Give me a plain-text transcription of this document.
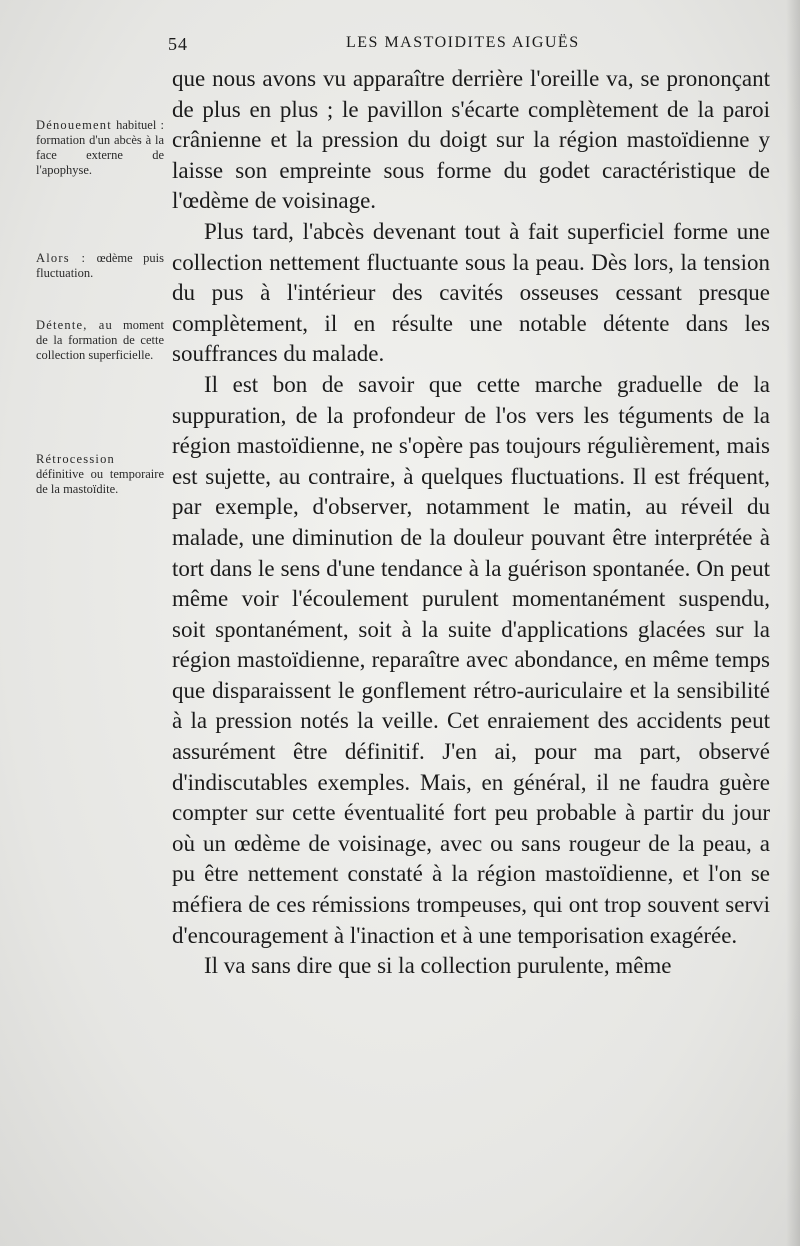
54	LES MASTOIDITES AIGUËS
Dénouement habituel : formation d'un abcès à la face externe de l'apophyse.
Alors : œdème puis fluctuation.
Détente, au moment de la formation de cette collection superficielle.
Rétrocession définitive ou temporaire de la mastoïdite.

que nous avons vu apparaître derrière l'oreille va, se prononçant de plus en plus ; le pavillon s'écarte complètement de la paroi crânienne et la pression du doigt sur la région mastoïdienne y laisse son empreinte sous forme du godet caractéristique de l'œdème de voisinage.

Plus tard, l'abcès devenant tout à fait superficiel forme une collection nettement fluctuante sous la peau. Dès lors, la tension du pus à l'intérieur des cavités osseuses cessant presque complètement, il en résulte une notable détente dans les souffrances du malade.

Il est bon de savoir que cette marche graduelle de la suppuration, de la profondeur de l'os vers les téguments de la région mastoïdienne, ne s'opère pas toujours régulièrement, mais est sujette, au contraire, à quelques fluctuations. Il est fréquent, par exemple, d'observer, notamment le matin, au réveil du malade, une diminution de la douleur pouvant être interprétée à tort dans le sens d'une tendance à la guérison spontanée. On peut même voir l'écoulement purulent momentanément suspendu, soit spontanément, soit à la suite d'applications glacées sur la région mastoïdienne, reparaître avec abondance, en même temps que disparaissent le gonflement rétro-auriculaire et la sensibilité à la pression notés la veille. Cet enraiement des accidents peut assurément être définitif. J'en ai, pour ma part, observé d'indiscutables exemples. Mais, en général, il ne faudra guère compter sur cette éventualité fort peu probable à partir du jour où un œdème de voisinage, avec ou sans rougeur de la peau, a pu être nettement constaté à la région mastoïdienne, et l'on se méfiera de ces rémissions trompeuses, qui ont trop souvent servi d'encouragement à l'inaction et à une temporisation exagérée.

Il va sans dire que si la collection purulente, même
